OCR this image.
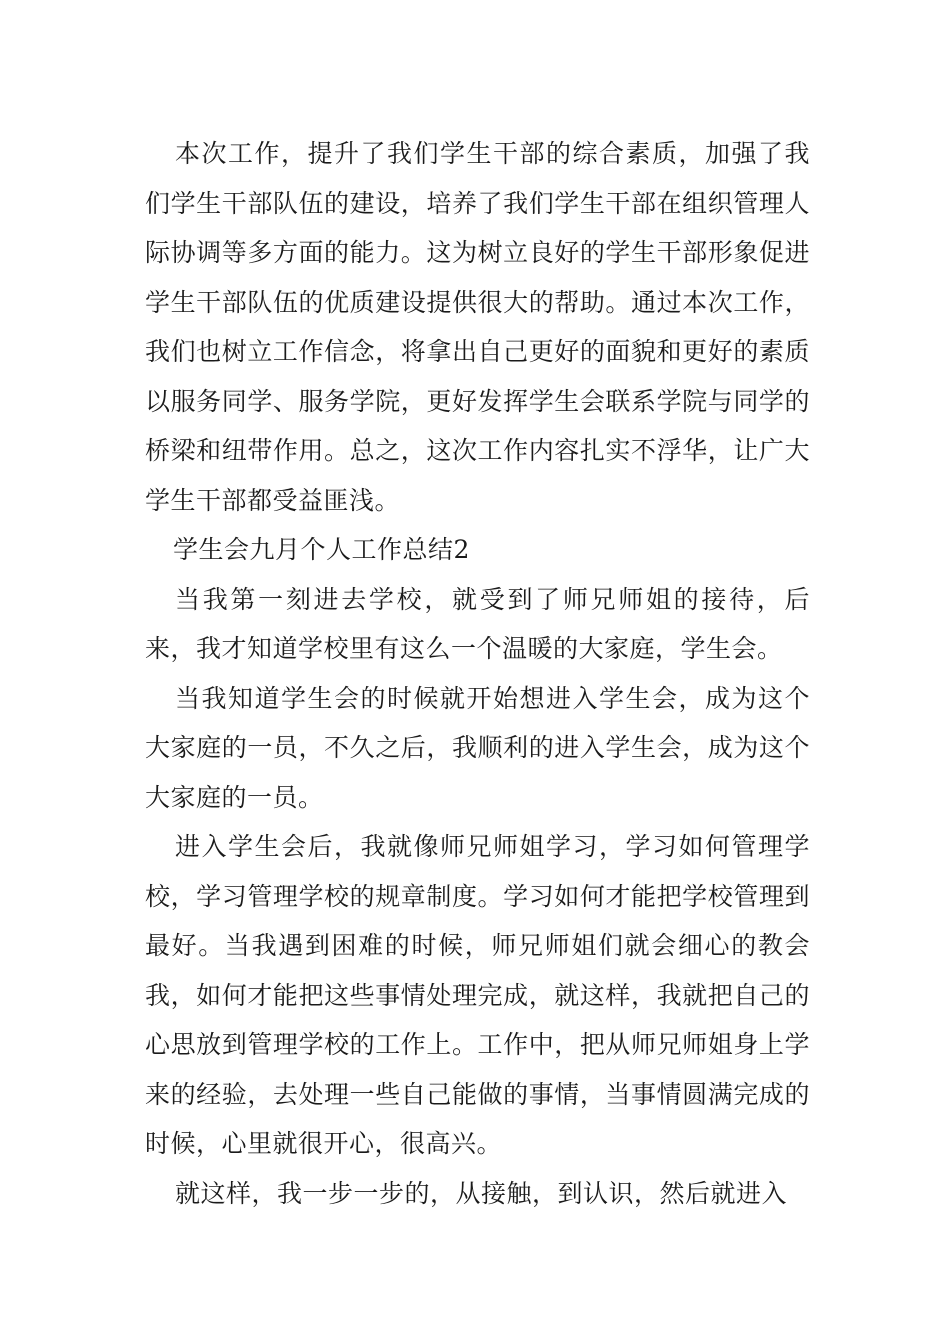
本次工作，提升了我们学生干部的综合素质，加强了我们学生干部队伍的建设，培养了我们学生干部在组织管理人际协调等多方面的能力。这为树立良好的学生干部形象促进学生干部队伍的优质建设提供很大的帮助。通过本次工作，我们也树立工作信念，将拿出自己更好的面貌和更好的素质以服务同学、服务学院，更好发挥学生会联系学院与同学的桥梁和纽带作用。总之，这次工作内容扎实不浮华，让广大学生干部都受益匪浅。

学生会九月个人工作总结2

当我第一刻进去学校，就受到了师兄师姐的接待，后来，我才知道学校里有这么一个温暖的大家庭，学生会。

当我知道学生会的时候就开始想进入学生会，成为这个大家庭的一员，不久之后，我顺利的进入学生会，成为这个大家庭的一员。

进入学生会后，我就像师兄师姐学习，学习如何管理学校，学习管理学校的规章制度。学习如何才能把学校管理到最好。当我遇到困难的时候，师兄师姐们就会细心的教会我，如何才能把这些事情处理完成，就这样，我就把自己的心思放到管理学校的工作上。工作中，把从师兄师姐身上学来的经验，去处理一些自己能做的事情，当事情圆满完成的时候，心里就很开心，很高兴。

就这样，我一步一步的，从接触，到认识，然后就进入
